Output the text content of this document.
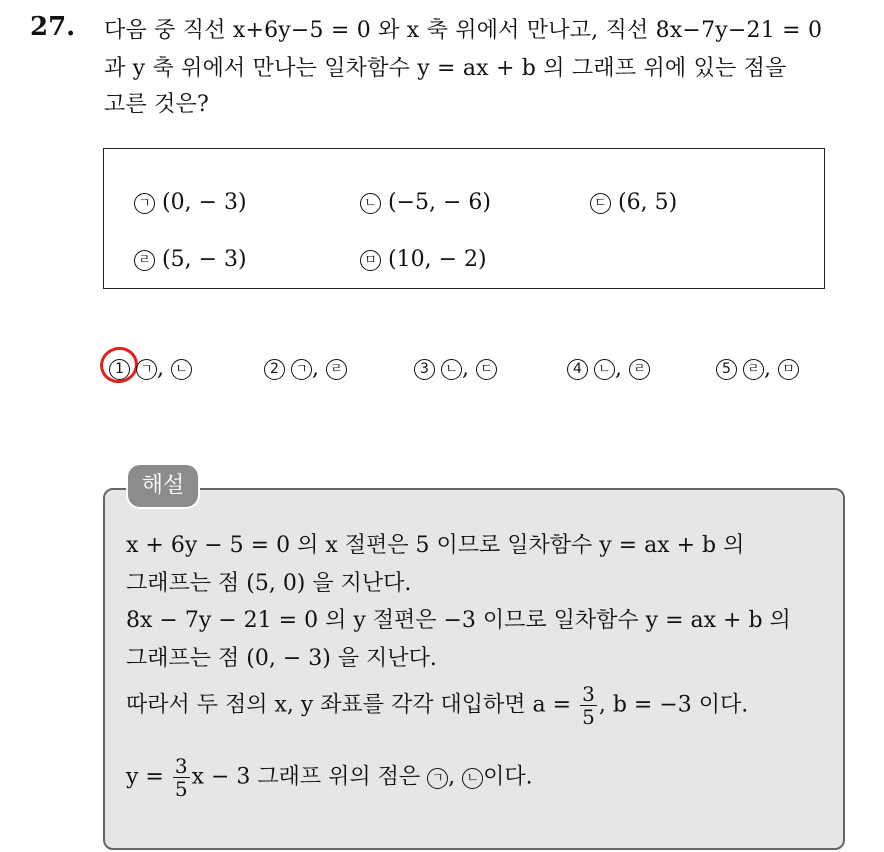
27. 다음 중 직선 x+6y−5 = 0 와 x 축 위에서 만나고, 직선 8x−7y−21 = 0
과 y 축 위에서 만나는 일차함수 y = ax + b 의 그래프 위에 있는 점을
고른 것은?
ㄱ (0, − 3)	ㄴ (−5, − 6)	ㄷ (6, 5)
ㄹ (5, − 3)	ㅁ (10, − 2)
1 ㄱ , ㄴ	2 ㄱ , ㄹ	3 ㄴ , ㄷ	4 ㄴ , ㄹ	5 ㄹ , ㅁ
해설
x + 6y − 5 = 0 의 x 절편은 5 이므로 일차함수 y = ax + b 의
그래프는 점 (5, 0) 을 지난다.
8x − 7y − 21 = 0 의 y 절편은 −3 이므로 일차함수 y = ax + b 의
그래프는 점 (0, − 3) 을 지난다.
따라서 두 점의 x, y 좌표를 각각 대입하면 $a = \frac{3}{5}$ , b = −3 이다.
$y = \frac{3}{5}$ x − 3 그래프 위의 점은 ㄱ , ㄴ 이다.
